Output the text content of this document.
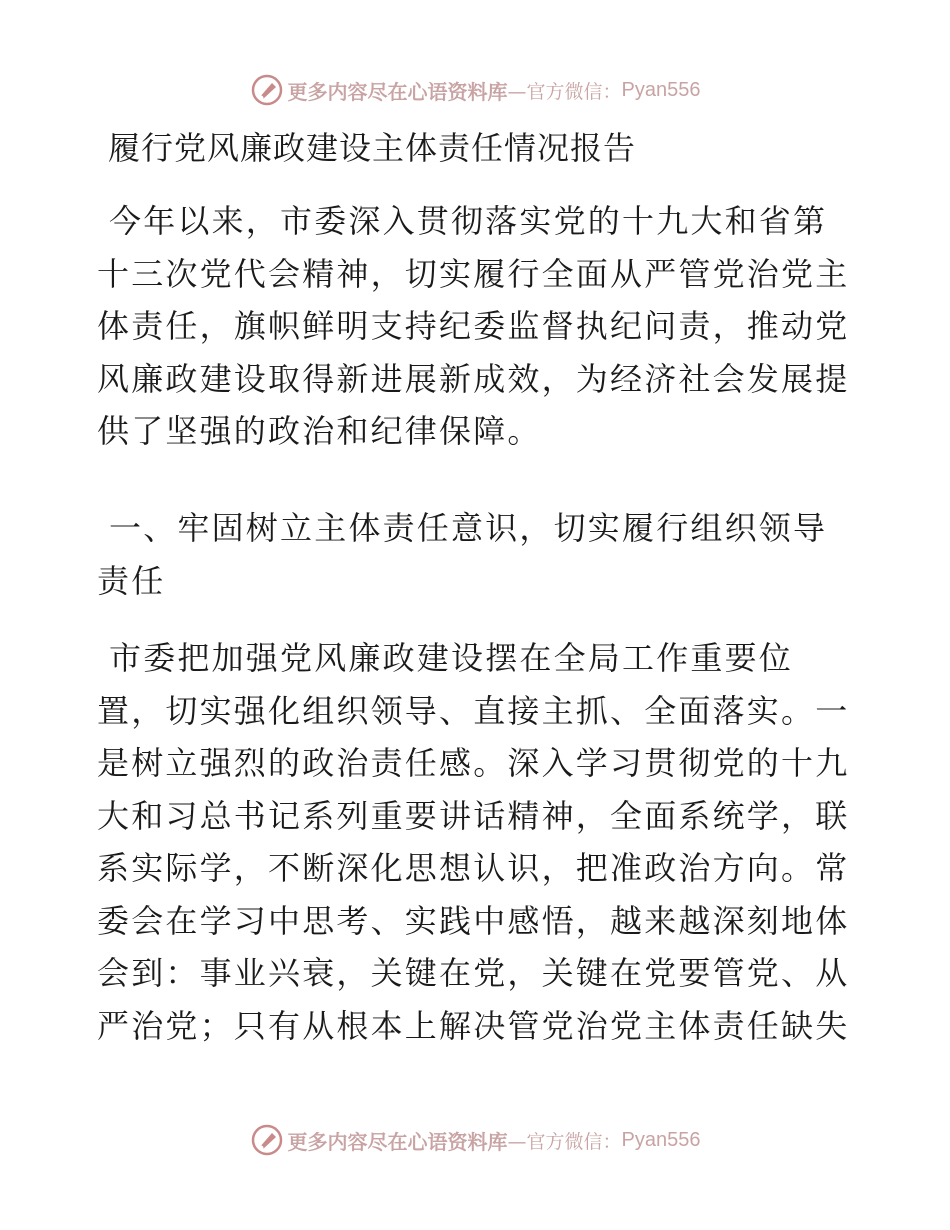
更多内容尽在心语资料库 —官方微信： Pyan556
履行党风廉政建设主体责任情况报告
今年以来，市委深入贯彻落实党的十九大和省第十三次党代会精神，切实履行全面从严管党治党主体责任，旗帜鲜明支持纪委监督执纪问责，推动党风廉政建设取得新进展新成效，为经济社会发展提供了坚强的政治和纪律保障。
一、牢固树立主体责任意识，切实履行组织领导责任
市委把加强党风廉政建设摆在全局工作重要位置，切实强化组织领导、直接主抓、全面落实。一是树立强烈的政治责任感。深入学习贯彻党的十九大和习总书记系列重要讲话精神，全面系统学，联系实际学，不断深化思想认识，把准政治方向。常委会在学习中思考、实践中感悟，越来越深刻地体会到：事业兴衰，关键在党，关键在党要管党、从严治党；只有从根本上解决管党治党主体责任缺失
更多内容尽在心语资料库 —官方微信： Pyan556
